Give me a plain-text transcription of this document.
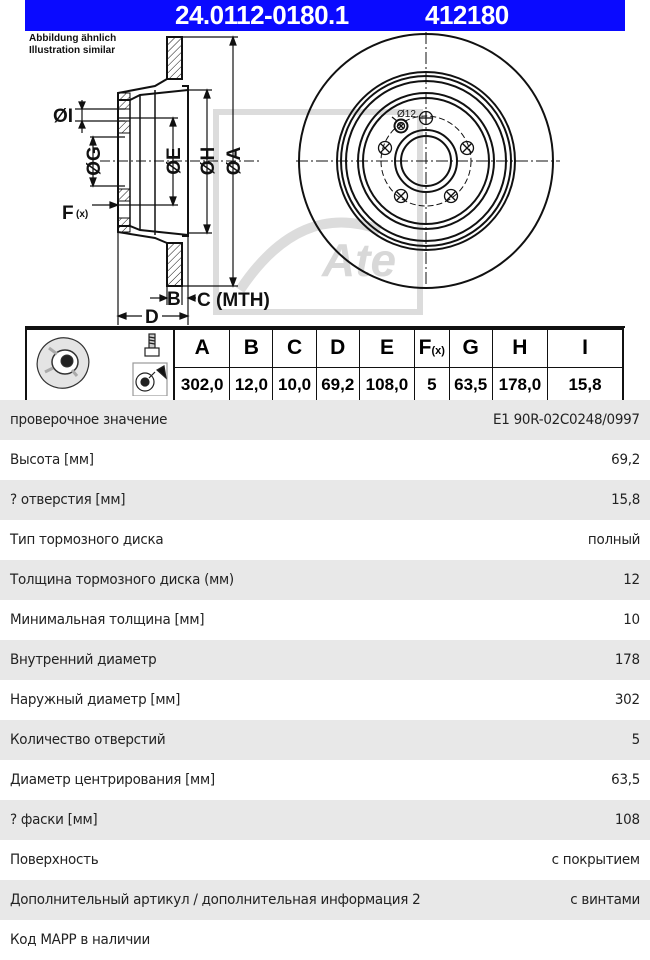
24.0112-0180.1	412180
Abbildung ähnlich
Illustration similar
Ate
ØI
ØG	ØE ØH ØA
F (x)
B C (MTH)
D
Ø12
	A	B	C	D	E	F(x)	G	H	I
	302,0	12,0	10,0	69,2	108,0	5	63,5	178,0	15,8
проверочное значение	E1 90R-02C0248/0997
Высота [мм]	69,2
? отверстия [мм]	15,8
Тип тормозного диска	полный
Толщина тормозного диска (мм)	12
Минимальная толщина [мм]	10
Внутренний диаметр	178
Наружный диаметр [мм]	302
Количество отверстий	5
Диаметр центрирования [мм]	63,5
? фаски [мм]	108
Поверхность	с покрытием
Дополнительный артикул / дополнительная информация 2	с винтами
Код MAPP в наличии
